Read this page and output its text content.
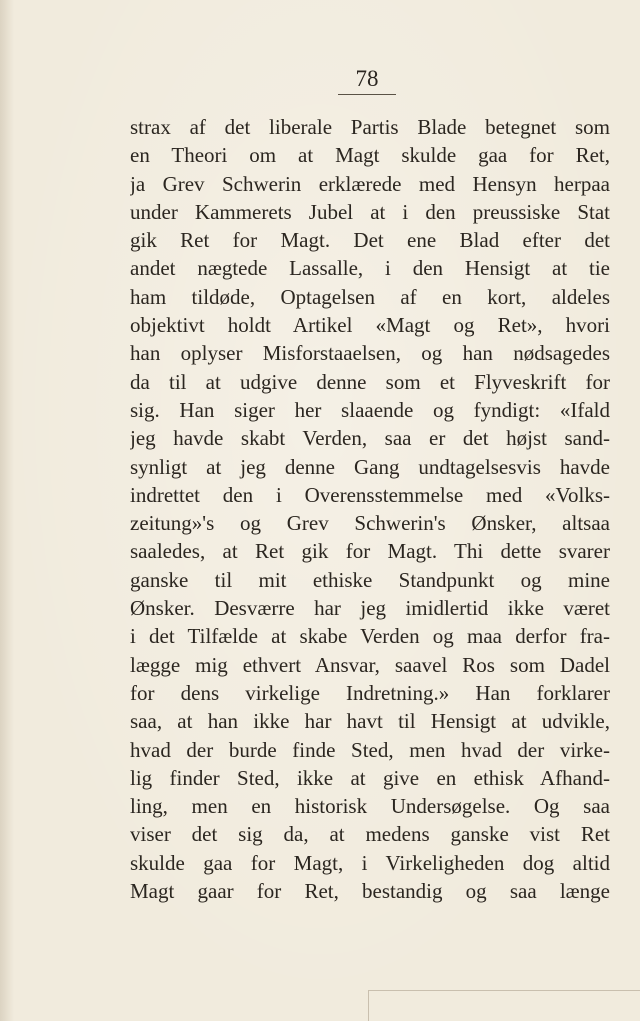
78
strax af det liberale Partis Blade betegnet som
en Theori om at Magt skulde gaa for Ret,
ja Grev Schwerin erklærede med Hensyn herpaa
under Kammerets Jubel at i den preussiske Stat
gik Ret for Magt. Det ene Blad efter det
andet nægtede Lassalle, i den Hensigt at tie
ham tildøde, Optagelsen af en kort, aldeles
objektivt holdt Artikel «Magt og Ret», hvori
han oplyser Misforstaaelsen, og han nødsagedes
da til at udgive denne som et Flyveskrift for
sig. Han siger her slaaende og fyndigt: «Ifald
jeg havde skabt Verden, saa er det højst sand-
synligt at jeg denne Gang undtagelsesvis havde
indrettet den i Overensstemmelse med «Volks-
zeitung»'s og Grev Schwerin's Ønsker, altsaa
saaledes, at Ret gik for Magt. Thi dette svarer
ganske til mit ethiske Standpunkt og mine
Ønsker. Desværre har jeg imidlertid ikke været
i det Tilfælde at skabe Verden og maa derfor fra-
lægge mig ethvert Ansvar, saavel Ros som Dadel
for dens virkelige Indretning.» Han forklarer
saa, at han ikke har havt til Hensigt at udvikle,
hvad der burde finde Sted, men hvad der virke-
lig finder Sted, ikke at give en ethisk Afhand-
ling, men en historisk Undersøgelse. Og saa
viser det sig da, at medens ganske vist Ret
skulde gaa for Magt, i Virkeligheden dog altid
Magt gaar for Ret, bestandig og saa længe
